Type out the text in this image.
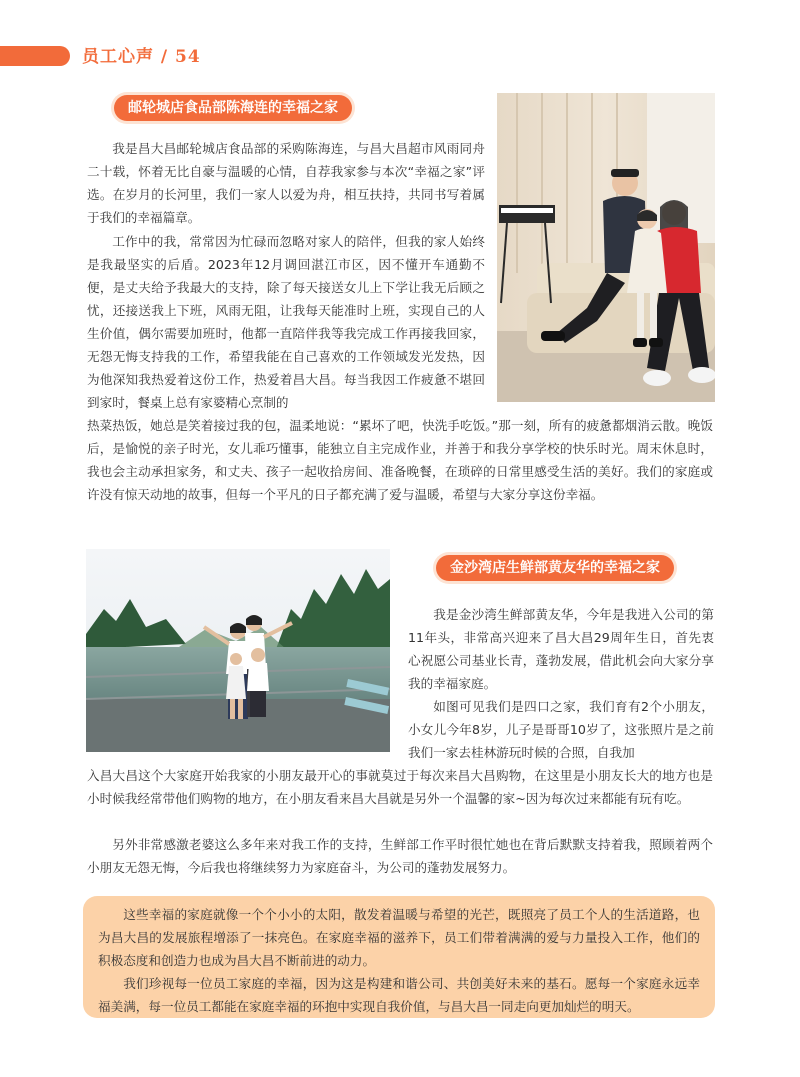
员工心声 / 54
邮轮城店食品部陈海连的幸福之家

我是昌大昌邮轮城店食品部的采购陈海连，与昌大昌超市风雨同舟二十载，怀着无比自豪与温暖的心情，自荐我家参与本次“幸福之家”评选。在岁月的长河里，我们一家人以爱为舟，相互扶持，共同书写着属于我们的幸福篇章。

工作中的我，常常因为忙碌而忽略对家人的陪伴，但我的家人始终是我最坚实的后盾。2023年12月调回湛江市区，因不懂开车通勤不便，是丈夫给予我最大的支持，除了每天接送女儿上下学让我无后顾之忧，还接送我上下班，风雨无阻，让我每天能准时上班，实现自己的人生价值，偶尔需要加班时，他都一直陪伴我等我完成工作再接我回家，无怨无悔支持我的工作，希望我能在自己喜欢的工作领域发光发热，因为他深知我热爱着这份工作，热爱着昌大昌。每当我因工作疲惫不堪回到家时，餐桌上总有家婆精心烹制的

热菜热饭，她总是笑着接过我的包，温柔地说：“累坏了吧，快洗手吃饭。”那一刻，所有的疲惫都烟消云散。晚饭后，是愉悦的亲子时光，女儿乖巧懂事，能独立自主完成作业，并善于和我分享学校的快乐时光。周末休息时，我也会主动承担家务，和丈夫、孩子一起收拾房间、准备晚餐，在琐碎的日常里感受生活的美好。我们的家庭或许没有惊天动地的故事，但每一个平凡的日子都充满了爱与温暖，希望与大家分享这份幸福。

金沙湾店生鲜部黄友华的幸福之家

我是金沙湾生鲜部黄友华，今年是我进入公司的第11年头，非常高兴迎来了昌大昌29周年生日，首先衷心祝愿公司基业长青，蓬勃发展，借此机会向大家分享我的幸福家庭。

如图可见我们是四口之家，我们育有2个小朋友，小女儿今年8岁，儿子是哥哥10岁了，这张照片是之前我们一家去桂林游玩时候的合照，自我加

入昌大昌这个大家庭开始我家的小朋友最开心的事就莫过于每次来昌大昌购物，在这里是小朋友长大的地方也是小时候我经常带他们购物的地方，在小朋友看来昌大昌就是另外一个温馨的家~因为每次过来都能有玩有吃。

另外非常感激老婆这么多年来对我工作的支持，生鲜部工作平时很忙她也在背后默默支持着我，照顾着两个小朋友无怨无悔，今后我也将继续努力为家庭奋斗，为公司的蓬勃发展努力。

这些幸福的家庭就像一个个小小的太阳，散发着温暖与希望的光芒，既照亮了员工个人的生活道路，也为昌大昌的发展旅程增添了一抹亮色。在家庭幸福的滋养下，员工们带着满满的爱与力量投入工作，他们的积极态度和创造力也成为昌大昌不断前进的动力。

我们珍视每一位员工家庭的幸福，因为这是构建和谐公司、共创美好未来的基石。愿每一个家庭永远幸福美满，每一位员工都能在家庭幸福的环抱中实现自我价值，与昌大昌一同走向更加灿烂的明天。
